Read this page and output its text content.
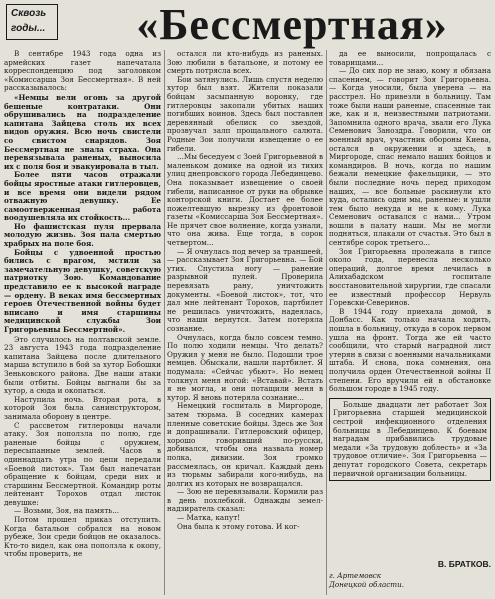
Сквозь
годы...	«Бессмертная»

В сентябре 1943 года одна из армейских газет напечатала корреспонденцию под заголовком «Комиссарша Зоя Бессмертная». В ней рассказывалось:

«Немцы вели огонь за другой бешеные контратаки. Они обрушивались на подразделение капитана Зайцева столь их всех видов оружия. Всю ночь свистели со свистом снарядов. Зоя Бессмертная не знала страха. Она перевязывала раненых, выносила их с поля боя и эвакуировала в тыл.

Более пяти часов отражали бойцы яростные атаки гитлеровцев, и все время они видели рядом отважную девушку. Ее самоотверженная работа воодушевляла их стойкость...

Но фашистская пуля прервала молодую жизнь. Зоя пала смертью храбрых на поле боя.

Бойцы с удвоенной простью бились с врагом, мстили за замечательную девушку, советскую патриотку Зою. Командование представило ее к высокой награде — ордену. В веках имя бессмертных героев Отечественной войны будет вписано и имя старшины медицинской службы Зои Григорьевны Бессмертной».

Это случилось на полтавской земле. 23 августа 1943 года подразделение капитана Зайцева после длительного марша вступило в бой за хутор Бобошки Зеньковского района. Две наши атаки были отбиты. Бойцы выгнали бы за хутор, а сюда и окопаться.

Наступила ночь. Вторая рота, в которой Зоя была санинструктором, занимала оборону в центре.

С рассветом гитлеровцы начали атаку. Зоя поползла по полю, где раненые бойцы с оружием, пересыпанные землей. Часов в одиннадцать утра по цепи передали «Боевой листок». Там был напечатан обращение к бойцам, среди них и старшины Бессмертной. Командир роты лейтенант Торохов отдал листок девушке:

— Возьми, Зоя, на память...

Потом прошел приказ отступить. Когда батальон собрался на новом рубеже, Зои среди бойцов не оказалось. Кто-то видел, как она поползла к окопу, чтобы проверить, не

остался ли кто-нибудь из раненых. Зою любили в батальоне, и потому ее смерть потрясла всех.

Бои затянулись. Лишь спустя неделю хутор был взят. Жители показали бойцам засыпанную воронку, где гитлеровцы закопали убитых наших погибших воинов. Здесь был поставлен деревянный обелиск со звездой, прозвучал залп прощального салюта. Родные Зои получили извещение о ее гибели.

...Мы беседуем с Зоей Григорьевной в маленьком домике на одной из тихих улиц днепровского города Лебединцево. Она показывает извещение о своей гибели, написанное от руки на обрывке конторской книги. Достает ее более пожелтевшую вырезку из фронтовой газеты «Комиссарша Зоя Бессмертная». Не прячет свое волнение, когда узнали, что она жива. Еще тогда, в сорок четвертом...

— Я очнулась под вечер за траншеей, — рассказывает Зоя Григорьевна. — Бой утих. Спустила ногу — ранение разрывной пулей. Проверила перевязать рану, уничтожить документы. «Боевой листок», тот, что дал мне лейтенант Торохов, партбилет не решилась уничтожить, надеялась, что наши вернутся. Затем потеряла сознание.

Очнулась, когда было совсем темно. По полю ходили немцы. Что делать? Оружия у меня не было. Подошли трое немцев. Обыскали, нашли партбилет. Я подумала: «Сейчас убьют». Но немец толкнул меня ногой: «Вставай». Встать я не могла, и они потащили меня в хутор. Я вновь потеряла сознание...

Немецкий госпиталь в Миргороде, затем тюрьма. В соседних камерах пленные советские бойцы. Здесь же Зоя и допрашивали. Гитлеровский офицер, хорошо говоривший по-русски, добивался, чтобы она назвала номер полка, дивизии. Зоя громко рассмеялась, он кричал. Каждый день из тюрьмы забирали кого-нибудь, на долгих из которых не возвращался.

— Зою не перевязывали. Кормили раз в день похлебкой. Однажды земел-надзиратель сказал:

— Матка, капут!

Она была к этому готова. И ког-

да ее выносили, попрощалась с товарищами...

— До сих пор не знаю, кому я обязана спасением, — говорит Зоя Григорьевна. — Когда уносили, была уверена — на расстрел. Но привезли в больницу. Там тоже были наши раненые, спасенные так же, как и я, неизвестными патриотами. Запомнила одного врача, звали его Лука Семенович Заноздра. Говорили, что он военный врач, участник обороны Киева, остался в окружении и здесь, в Миргороде, спас немало наших бойцов и командиров. В ночь, когда по нашим бежали немецкие факельщики, — это были последние ночь перед приходом наших, — все больные раскинули кто куда, остались одни мы, раненые: и ушли тем было некуда и не к кому. Лука Семенович оставался с нами... Утром вошли в палату наши. Мы не могли подняться, плакали от счастья. Это был в сентябре сорок третьего...

Зоя Григорьевна пролежала в гипсе около года, перенесла несколько операций, долгое время лечилась в Алихабадском госпитале восстановительной хирургии, где спасали ее известный профессор Нервуль Горевски-Северинов.

В 1944 году приехала домой, в Донбасс. Как только начала ходить, пошла в больницу, откуда в сорок первом ушла на фронт. Тогда же ей часто сообщили, что старый наградной лист утерян в связи с военными начальниками штаба. И снова, пока сомнения, она получила орден Отечественной войны II степени. Его вручили ей в обстановке большом городе в 1945 году.

Больше двадцати лет работает Зоя Григорьевна старшей медицинской сестрой инфекционного отделения больницы в Лебединцево. К боевым наградам прибавились трудовые медали «За трудовую доблесть» и «За трудовое отличие». Зоя Григорьевна — депутат городского Совета, секретарь первичной организации больницы.

В. БРАТКОВ.
г. Артемовск
Донецкой области.
